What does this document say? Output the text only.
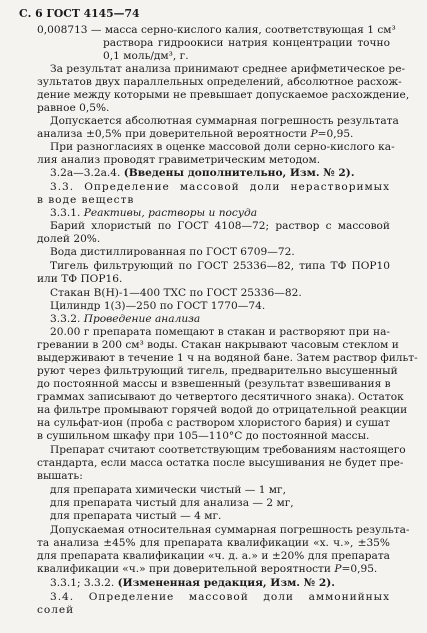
С. 6 ГОСТ 4145—74
0,008713 — масса серно-кислого калия, соответствующая 1 см³
раствора гидроокиси натрия концентрации точно
0,1 моль/дм³, г.
За результат анализа принимают среднее арифметическое ре-
зультатов двух параллельных определений, абсолютное расхож-
дение между которыми не превышает допускаемое расхождение,
равное 0,5%.
Допускается абсолютная суммарная погрешность результата
анализа ±0,5% при доверительной вероятности P=0,95.
При разногласиях в оценке массовой доли серно-кислого ка-
лия анализ проводят гравиметрическим методом.
3.2а—3.2а.4. (Введены дополнительно, Изм. № 2).
3.3. Определение массовой доли нерастворимых
в воде веществ
3.3.1. Реактивы, растворы и посуда
Барий хлористый по ГОСТ 4108—72; раствор с массовой
долей 20%.
Вода дистиллированная по ГОСТ 6709—72.
Тигель фильтрующий по ГОСТ 25336—82, типа ТФ ПОР10
или ТФ ПОР16.
Стакан В(Н)-1—400 ТХС по ГОСТ 25336—82.
Цилиндр 1(3)—250 по ГОСТ 1770—74.
3.3.2. Проведение анализа
20.00 г препарата помещают в стакан и растворяют при на-
гревании в 200 см³ воды. Стакан накрывают часовым стеклом и
выдерживают в течение 1 ч на водяной бане. Затем раствор фильт-
руют через фильтрующий тигель, предварительно высушенный
до постоянной массы и взвешенный (результат взвешивания в
граммах записывают до четвертого десятичного знака). Остаток
на фильтре промывают горячей водой до отрицательной реакции
на сульфат-ион (проба с раствором хлористого бария) и сушат
в сушильном шкафу при 105—110°С до постоянной массы.
Препарат считают соответствующим требованиям настоящего
стандарта, если масса остатка после высушивания не будет пре-
вышать:
для препарата химически чистый — 1 мг,
для препарата чистый для анализа — 2 мг,
для препарата чистый — 4 мг.
Допускаемая относительная суммарная погрешность результа-
та анализа ±45% для препарата квалификации «х. ч.», ±35%
для препарата квалификации «ч. д. а.» и ±20% для препарата
квалификации «ч.» при доверительной вероятности P=0,95.
3.3.1; 3.3.2. (Измененная редакция, Изм. № 2).
3.4. Определение массовой доли аммонийных
солей
